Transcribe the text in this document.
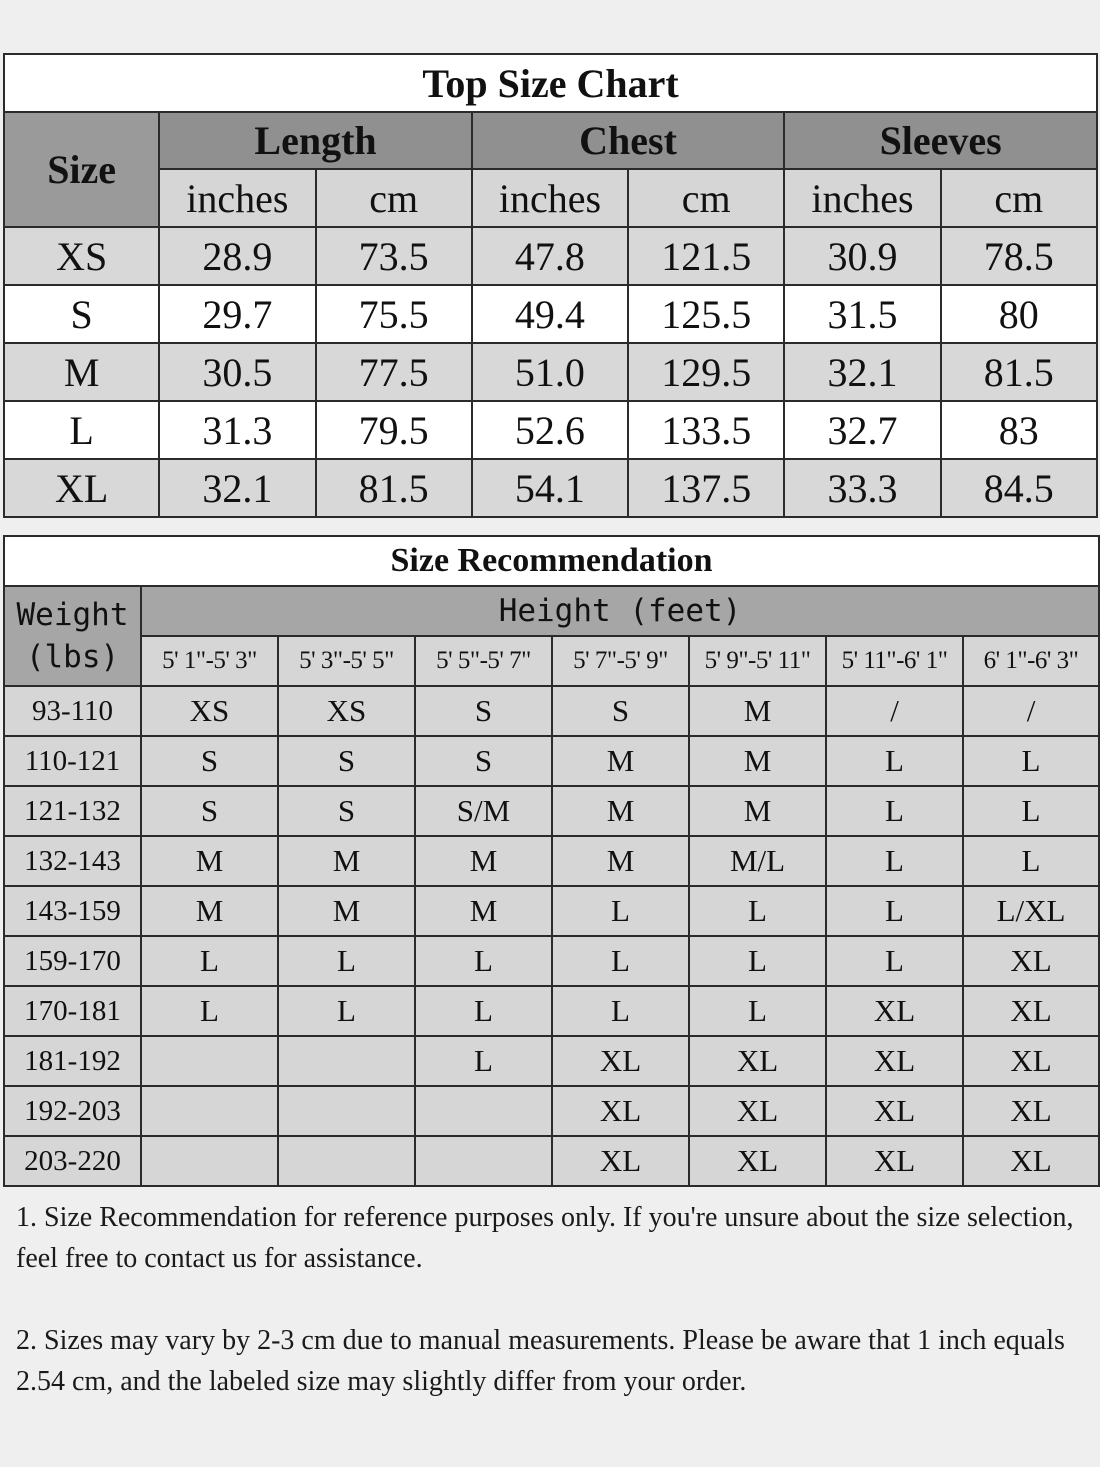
Top Size Chart						
Size	Length		Chest		Sleeves	
	inches	cm	inches	cm	inches	cm
XS	28.9	73.5	47.8	121.5	30.9	78.5
S	29.7	75.5	49.4	125.5	31.5	80
M	30.5	77.5	51.0	129.5	32.1	81.5
L	31.3	79.5	52.6	133.5	32.7	83
XL	32.1	81.5	54.1	137.5	33.3	84.5
Size Recommendation							
Weight
(lbs)	Height (feet)						
	5' 1"-5' 3"	5' 3"-5' 5"	5' 5"-5' 7"	5' 7"-5' 9"	5' 9"-5' 11"	5' 11"-6' 1"	6' 1"-6' 3"
93-110	XS	XS	S	S	M	/	/
110-121	S	S	S	M	M	L	L
121-132	S	S	S/M	M	M	L	L
132-143	M	M	M	M	M/L	L	L
143-159	M	M	M	L	L	L	L/XL
159-170	L	L	L	L	L	L	XL
170-181	L	L	L	L	L	XL	XL
181-192			L	XL	XL	XL	XL
192-203				XL	XL	XL	XL
203-220				XL	XL	XL	XL
1. Size Recommendation for reference purposes only. If you're unsure about the size selection, feel free to contact us for assistance.
2. Sizes may vary by 2-3 cm due to manual measurements. Please be aware that 1 inch equals 2.54 cm, and the labeled size may slightly differ from your order.
